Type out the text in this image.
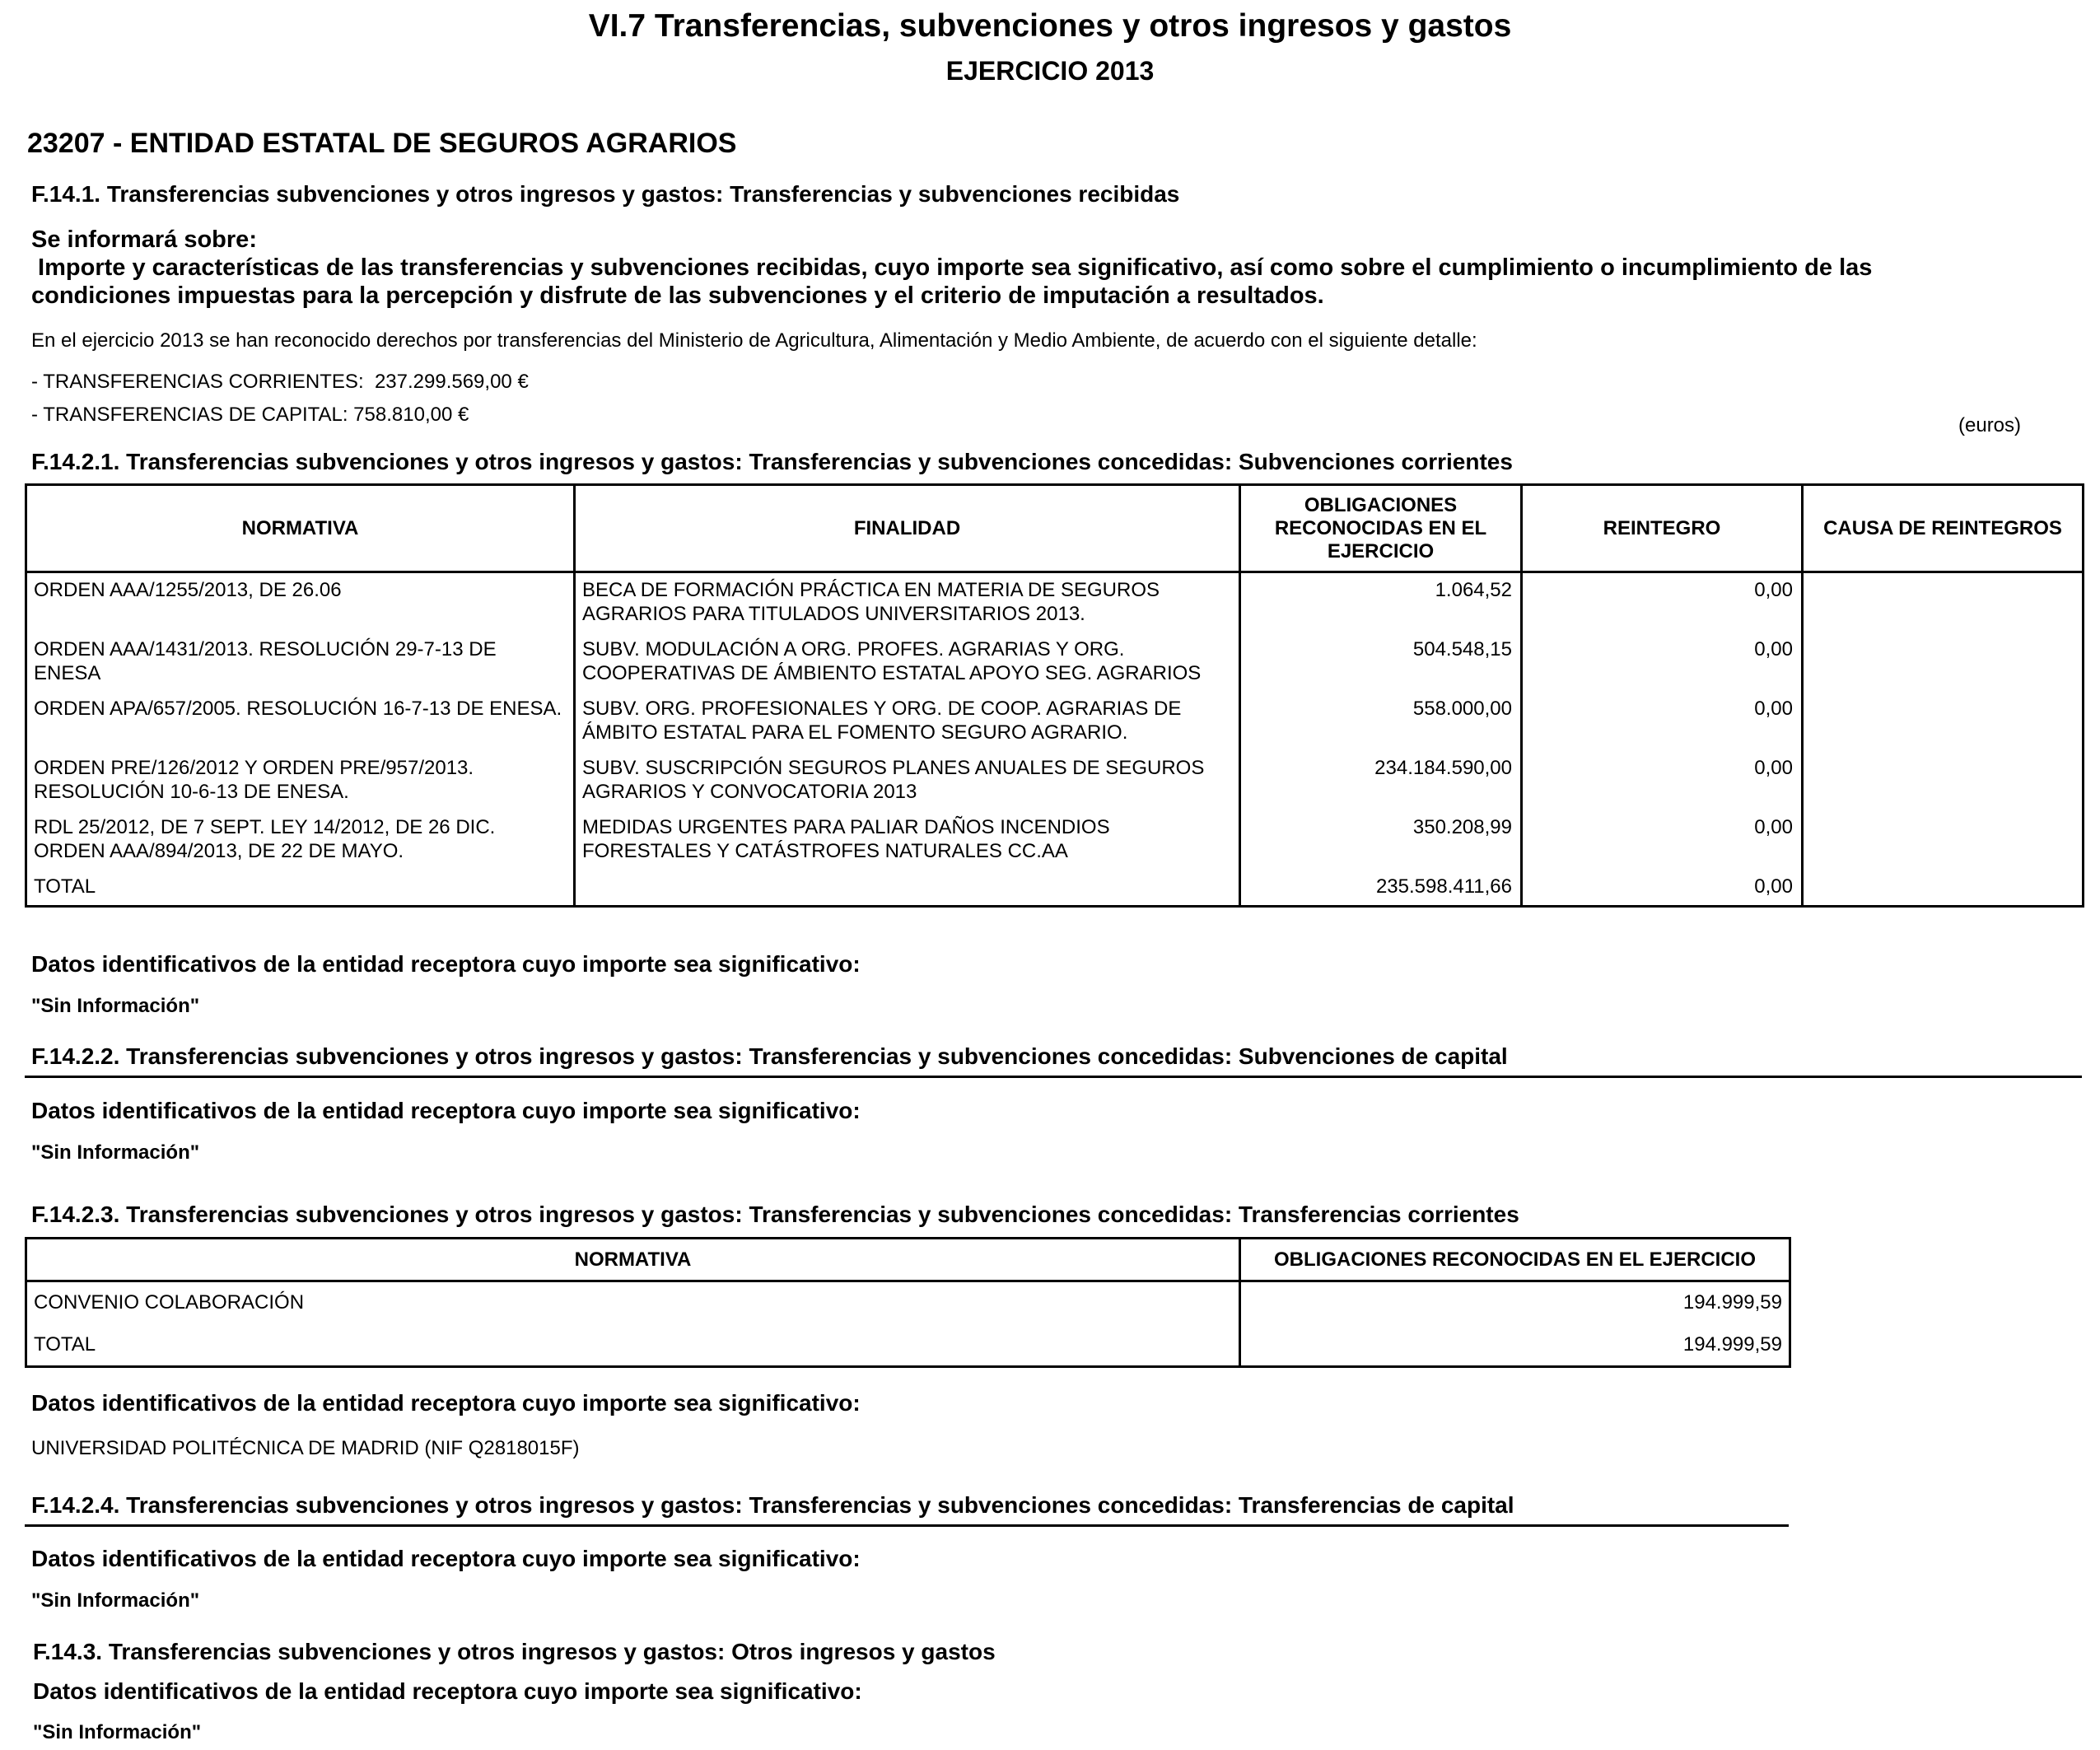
VI.7 Transferencias, subvenciones y otros ingresos y gastos
EJERCICIO 2013
23207 - ENTIDAD ESTATAL DE SEGUROS AGRARIOS
F.14.1. Transferencias subvenciones y otros ingresos y gastos: Transferencias y subvenciones recibidas
Se informará sobre:
Importe y características de las transferencias y subvenciones recibidas, cuyo importe sea significativo, así como sobre el cumplimiento o incumplimiento de las
condiciones impuestas para la percepción y disfrute de las subvenciones y el criterio de imputación a resultados.
En el ejercicio 2013 se han reconocido derechos por transferencias del Ministerio de Agricultura, Alimentación y Medio Ambiente, de acuerdo con el siguiente detalle:
- TRANSFERENCIAS CORRIENTES:  237.299.569,00 €
- TRANSFERENCIAS DE CAPITAL: 758.810,00 €	(euros)
F.14.2.1. Transferencias subvenciones y otros ingresos y gastos: Transferencias y subvenciones concedidas: Subvenciones corrientes
NORMATIVA	FINALIDAD	OBLIGACIONES RECONOCIDAS EN EL EJERCICIO	REINTEGRO	CAUSA DE REINTEGROS
ORDEN AAA/1255/2013, DE 26.06	BECA DE FORMACIÓN PRÁCTICA EN MATERIA DE SEGUROS AGRARIOS PARA TITULADOS UNIVERSITARIOS 2013.	1.064,52	0,00	
ORDEN AAA/1431/2013. RESOLUCIÓN 29-7-13 DE ENESA	SUBV. MODULACIÓN A ORG. PROFES. AGRARIAS Y ORG. COOPERATIVAS DE ÁMBIENTO ESTATAL APOYO SEG. AGRARIOS	504.548,15	0,00	
ORDEN APA/657/2005. RESOLUCIÓN 16-7-13 DE ENESA.	SUBV. ORG. PROFESIONALES Y ORG. DE COOP. AGRARIAS DE ÁMBITO ESTATAL PARA EL FOMENTO SEGURO AGRARIO.	558.000,00	0,00	
ORDEN PRE/126/2012 Y ORDEN PRE/957/2013. RESOLUCIÓN 10-6-13 DE ENESA.	SUBV. SUSCRIPCIÓN SEGUROS PLANES ANUALES DE SEGUROS AGRARIOS Y CONVOCATORIA 2013	234.184.590,00	0,00	
RDL 25/2012, DE 7 SEPT. LEY 14/2012, DE 26 DIC. ORDEN AAA/894/2013, DE 22 DE MAYO.	MEDIDAS URGENTES PARA PALIAR DAÑOS INCENDIOS FORESTALES Y CATÁSTROFES NATURALES CC.AA	350.208,99	0,00	
TOTAL		235.598.411,66	0,00	
Datos identificativos de la entidad receptora cuyo importe sea significativo:
"Sin Información"
F.14.2.2. Transferencias subvenciones y otros ingresos y gastos: Transferencias y subvenciones concedidas: Subvenciones de capital
Datos identificativos de la entidad receptora cuyo importe sea significativo:
"Sin Información"
F.14.2.3. Transferencias subvenciones y otros ingresos y gastos: Transferencias y subvenciones concedidas: Transferencias corrientes
NORMATIVA	OBLIGACIONES RECONOCIDAS EN EL EJERCICIO
CONVENIO COLABORACIÓN	194.999,59
TOTAL	194.999,59
Datos identificativos de la entidad receptora cuyo importe sea significativo:
UNIVERSIDAD POLITÉCNICA DE MADRID (NIF Q2818015F)
F.14.2.4. Transferencias subvenciones y otros ingresos y gastos: Transferencias y subvenciones concedidas: Transferencias de capital
Datos identificativos de la entidad receptora cuyo importe sea significativo:
"Sin Información"
F.14.3. Transferencias subvenciones y otros ingresos y gastos: Otros ingresos y gastos
Datos identificativos de la entidad receptora cuyo importe sea significativo:
"Sin Información"
